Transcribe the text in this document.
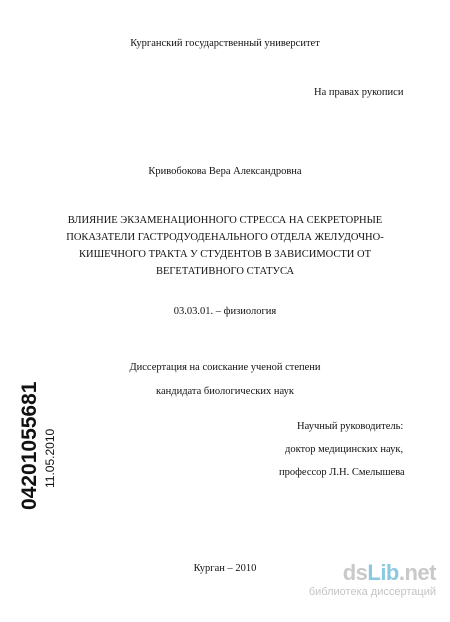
Курганский государственный университет
На правах рукописи
Кривобокова Вера Александровна
ВЛИЯНИЕ ЭКЗАМЕНАЦИОННОГО СТРЕССА НА СЕКРЕТОРНЫЕ
ПОКАЗАТЕЛИ ГАСТРОДУОДЕНАЛЬНОГО ОТДЕЛА ЖЕЛУДОЧНО-
КИШЕЧНОГО ТРАКТА У СТУДЕНТОВ В ЗАВИСИМОСТИ ОТ
ВЕГЕТАТИВНОГО СТАТУСА
03.03.01. – физиология
Диссертация на соискание ученой степени
кандидата биологических наук
Научный руководитель:
доктор медицинских наук,
профессор Л.Н. Смелышева
Курган – 2010
04201055681 11.05.2010
dsLib.net
библиотека диссертаций
